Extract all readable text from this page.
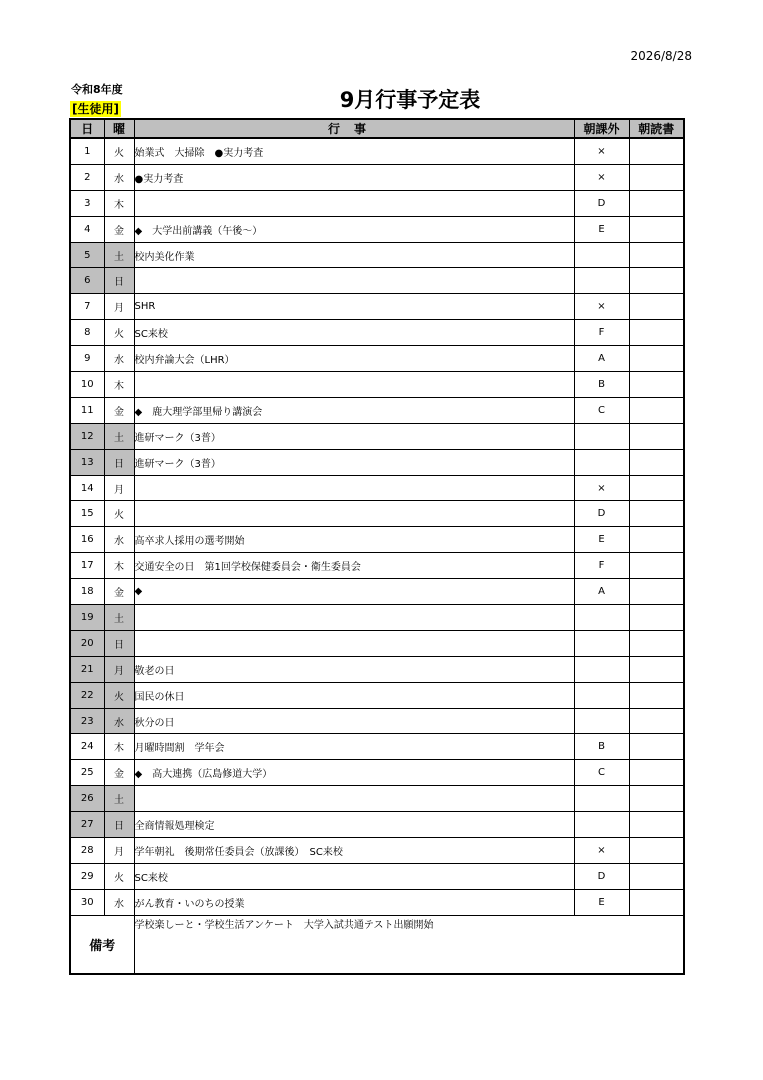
2026/8/28
令和8年度
[生徒用]	9月行事予定表
日	曜	行事	朝課外	朝読書
1	火	始業式　大掃除　●実力考査	×	
2	水	●実力考査	×	
3	木		D	
4	金	◆　大学出前講義（午後～）	E	
5	土	校内美化作業		
6	日			
7	月	SHR	×	
8	火	SC来校	F	
9	水	校内弁論大会（LHR）	A	
10	木		B	
11	金	◆　鹿大理学部里帰り講演会	C	
12	土	進研マーク（3普）		
13	日	進研マーク（3普）		
14	月		×	
15	火		D	
16	水	高卒求人採用の選考開始	E	
17	木	交通安全の日　第1回学校保健委員会・衛生委員会	F	
18	金	◆	A	
19	土			
20	日			
21	月	敬老の日		
22	火	国民の休日		
23	水	秋分の日		
24	木	月曜時間割　学年会	B	
25	金	◆　高大連携（広島修道大学）	C	
26	土			
27	日	全商情報処理検定		
28	月	学年朝礼　後期常任委員会（放課後）　SC来校	×	
29	火	SC来校	D	
30	水	がん教育・いのちの授業	E	
備考		学校楽しーと・学校生活アンケート　大学入試共通テスト出願開始		
